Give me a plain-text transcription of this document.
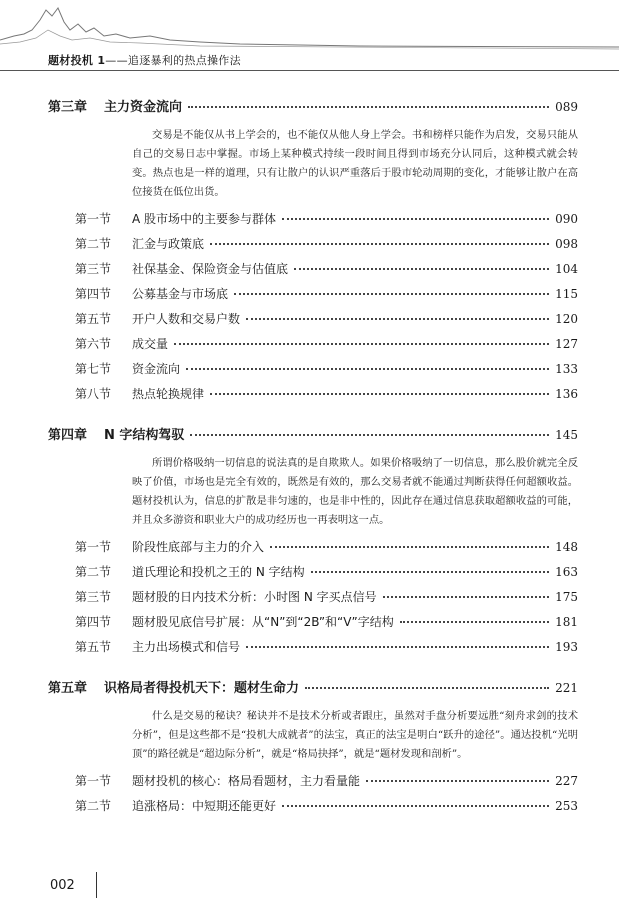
题材投机 1——追逐暴利的热点操作法
第三章	主力资金流向	089
交易是不能仅从书上学会的，也不能仅从他人身上学会。书和榜样只能作为启发，交易只能从自己的交易日志中掌握。市场上某种模式持续一段时间且得到市场充分认同后，这种模式就会转变。热点也是一样的道理，只有让散户的认识严重落后于股市轮动周期的变化，才能够让散户在高位接货在低位出货。
第一节	A 股市场中的主要参与群体	090
第二节	汇金与政策底	098
第三节	社保基金、保险资金与估值底	104
第四节	公募基金与市场底	115
第五节	开户人数和交易户数	120
第六节	成交量	127
第七节	资金流向	133
第八节	热点轮换规律	136
第四章	N 字结构驾驭	145
所谓价格吸纳一切信息的说法真的是自欺欺人。如果价格吸纳了一切信息，那么股价就完全反映了价值，市场也是完全有效的，既然是有效的，那么交易者就不能通过判断获得任何超额收益。题材投机认为，信息的扩散是非匀速的，也是非中性的，因此存在通过信息获取超额收益的可能，并且众多游资和职业大户的成功经历也一再表明这一点。
第一节	阶段性底部与主力的介入	148
第二节	道氏理论和投机之王的 N 字结构	163
第三节	题材股的日内技术分析：小时图 N 字买点信号	175
第四节	题材股见底信号扩展：从“N”到“2B”和“V”字结构	181
第五节	主力出场模式和信号	193
第五章	识格局者得投机天下：题材生命力	221
什么是交易的秘诀？秘诀并不是技术分析或者跟庄，虽然对手盘分析要远胜“刻舟求剑的技术分析”，但是这些都不是“投机大成就者”的法宝，真正的法宝是明白“跃升的途径”。通达投机“光明顶”的路径就是“超边际分析”，就是“格局抉择”，就是“题材发现和剖析”。
第一节	题材投机的核心：格局看题材，主力看量能	227
第二节	追涨格局：中短期还能更好	253
002
